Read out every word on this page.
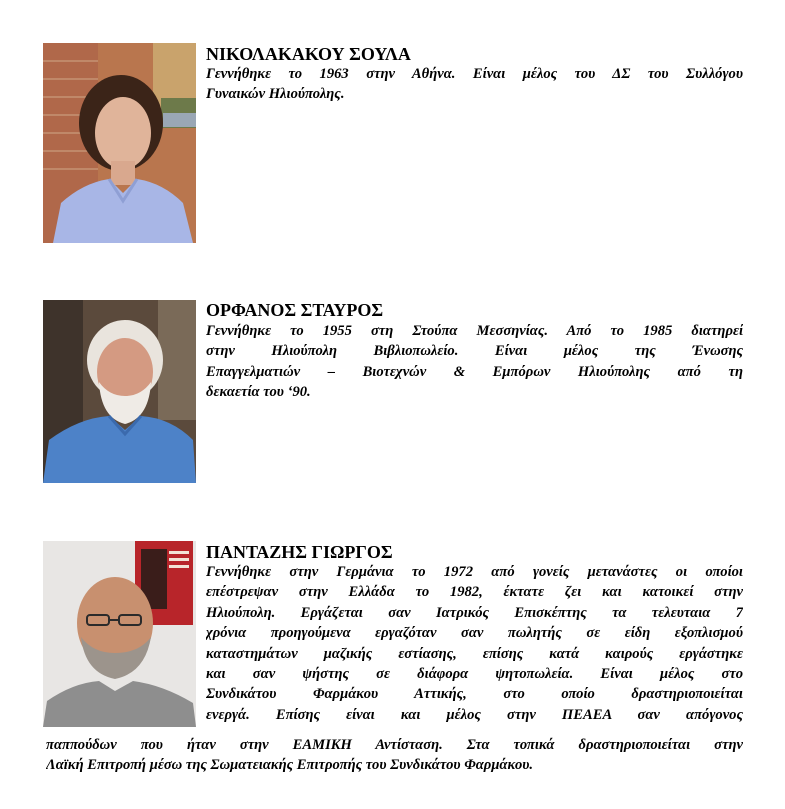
ΝΙΚΟΛΑΚΑΚΟΥ ΣΟΥΛΑ
Γεννήθηκε το 1963 στην Αθήνα. Είναι μέλος του ΔΣ του Συλλόγου
Γυναικών Ηλιούπολης.
ΟΡΦΑΝΟΣ ΣΤΑΥΡΟΣ
Γεννήθηκε το 1955 στη Στούπα Μεσσηνίας. Από το 1985 διατηρεί
στην Ηλιούπολη Βιβλιοπωλείο. Είναι μέλος της Ένωσης
Επαγγελματιών – Βιοτεχνών & Εμπόρων Ηλιούπολης από τη
δεκαετία του ‘90.
ΠΑΝΤΑΖΗΣ ΓΙΩΡΓΟΣ
Γεννήθηκε στην Γερμάνια το 1972 από γονείς μετανάστες οι οποίοι
επέστρεψαν στην Ελλάδα το 1982, έκτατε ζει και κατοικεί στην
Ηλιούπολη. Εργάζεται σαν Ιατρικός Επισκέπτης τα τελευταια 7
χρόνια προηγούμενα εργαζόταν σαν πωλητής σε είδη εξοπλισμού
καταστημάτων μαζικής εστίασης, επίσης κατά καιρούς εργάστηκε
και σαν ψήστης σε διάφορα ψητοπωλεία. Είναι μέλος στο
Συνδικάτου Φαρμάκου Αττικής, στο οποίο δραστηριοποιείται
ενεργά. Επίσης είναι και μέλος στην ΠΕΑΕΑ σαν απόγονος
παππούδων που ήταν στην ΕΑΜΙΚΗ Αντίσταση. Στα τοπικά δραστηριοποιείται στην
Λαϊκή Επιτροπή μέσω της Σωματειακής Επιτροπής του Συνδικάτου Φαρμάκου.
